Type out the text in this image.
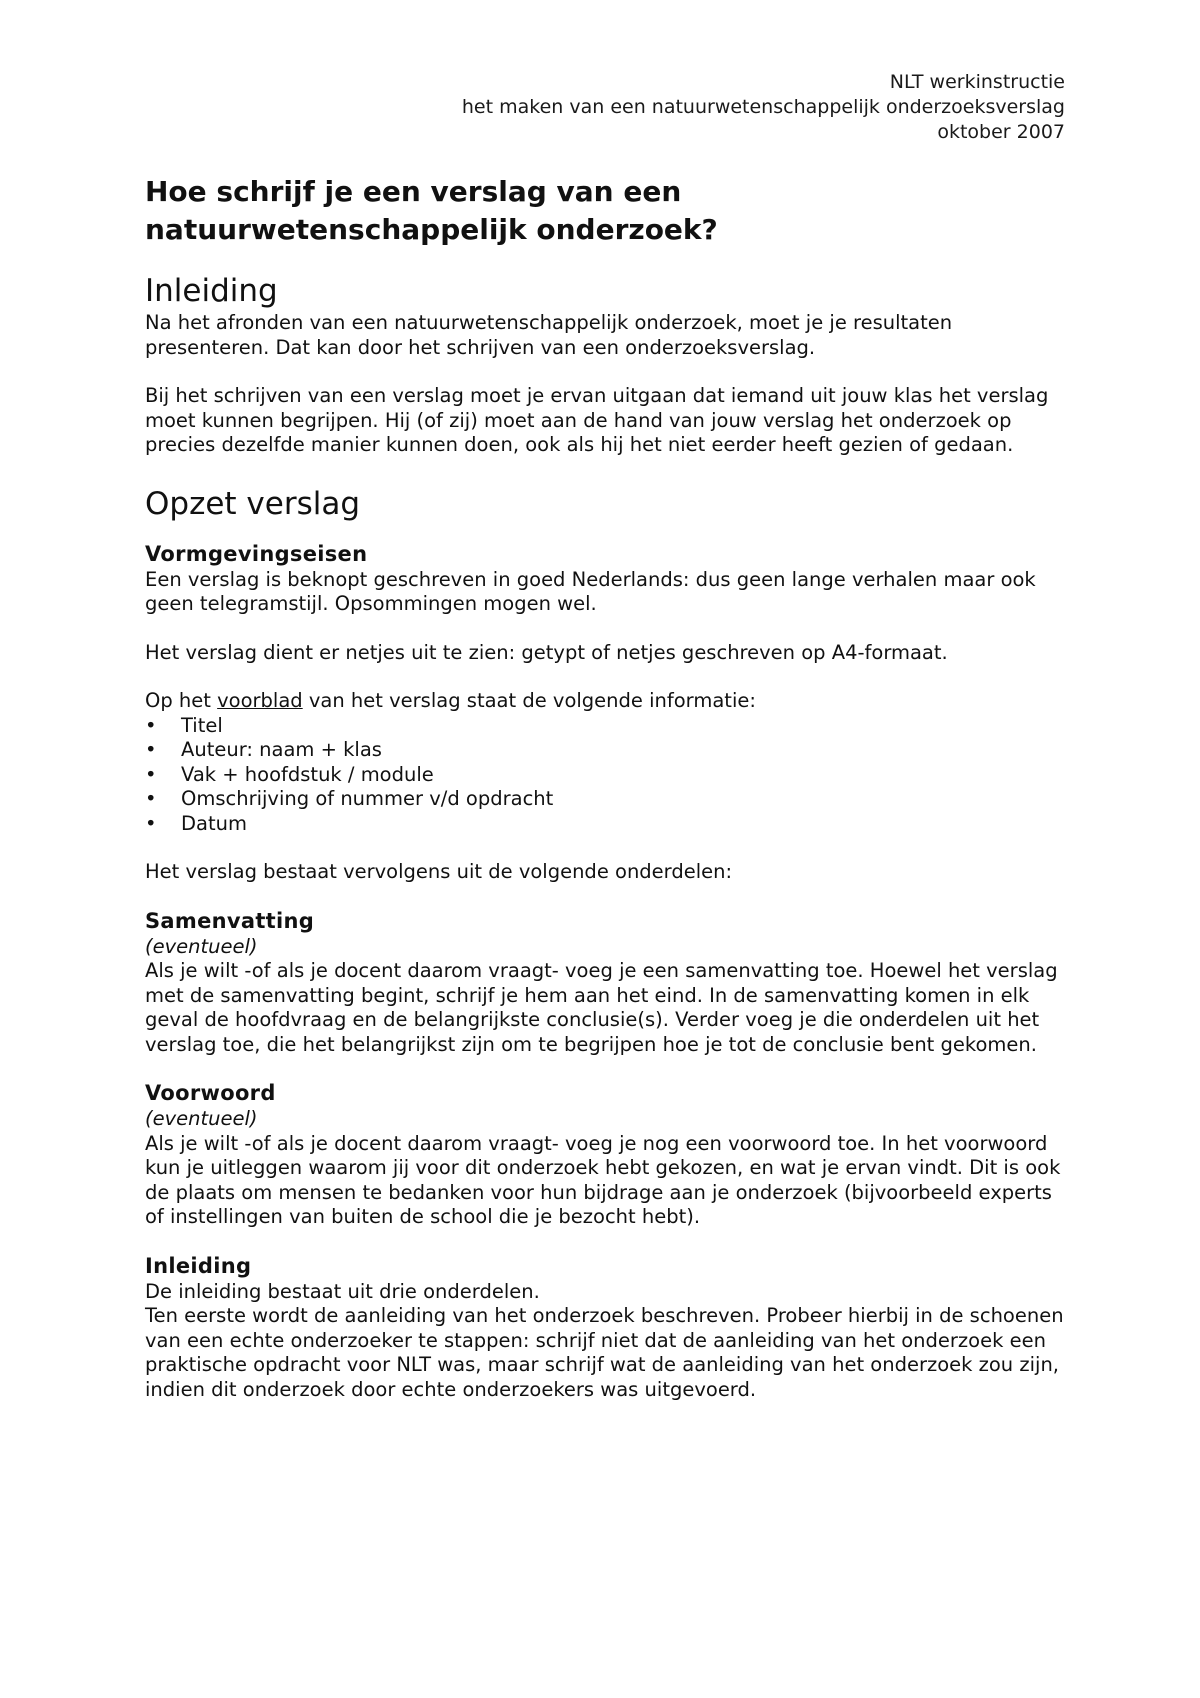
NLT werkinstructie
het maken van een natuurwetenschappelijk onderzoeksverslag
oktober 2007
Hoe schrijf je een verslag van een
natuurwetenschappelijk onderzoek?
Inleiding

Na het afronden van een natuurwetenschappelijk onderzoek, moet je je resultaten presenteren. Dat kan door het schrijven van een onderzoeksverslag.

Bij het schrijven van een verslag moet je ervan uitgaan dat iemand uit jouw klas het verslag moet kunnen begrijpen. Hij (of zij) moet aan de hand van jouw verslag het onderzoek op precies dezelfde manier kunnen doen, ook als hij het niet eerder heeft gezien of gedaan.

Opzet verslag
Vormgevingseisen

Een verslag is beknopt geschreven in goed Nederlands: dus geen lange verhalen maar ook geen telegramstijl. Opsommingen mogen wel.

Het verslag dient er netjes uit te zien: getypt of netjes geschreven op A4-formaat.

Op het voorblad van het verslag staat de volgende informatie:

• Titel
• Auteur: naam + klas
• Vak + hoofdstuk / module
• Omschrijving of nummer v/d opdracht
• Datum

Het verslag bestaat vervolgens uit de volgende onderdelen:

Samenvatting

(eventueel)

Als je wilt -of als je docent daarom vraagt- voeg je een samenvatting toe. Hoewel het verslag met de samenvatting begint, schrijf je hem aan het eind. In de samenvatting komen in elk geval de hoofdvraag en de belangrijkste conclusie(s). Verder voeg je die onderdelen uit het verslag toe, die het belangrijkst zijn om te begrijpen hoe je tot de conclusie bent gekomen.

Voorwoord

(eventueel)

Als je wilt -of als je docent daarom vraagt- voeg je nog een voorwoord toe. In het voorwoord kun je uitleggen waarom jij voor dit onderzoek hebt gekozen, en wat je ervan vindt. Dit is ook de plaats om mensen te bedanken voor hun bijdrage aan je onderzoek (bijvoorbeeld experts of instellingen van buiten de school die je bezocht hebt).

Inleiding

De inleiding bestaat uit drie onderdelen.

Ten eerste wordt de aanleiding van het onderzoek beschreven. Probeer hierbij in de schoenen van een echte onderzoeker te stappen: schrijf niet dat de aanleiding van het onderzoek een praktische opdracht voor NLT was, maar schrijf wat de aanleiding van het onderzoek zou zijn, indien dit onderzoek door echte onderzoekers was uitgevoerd.
